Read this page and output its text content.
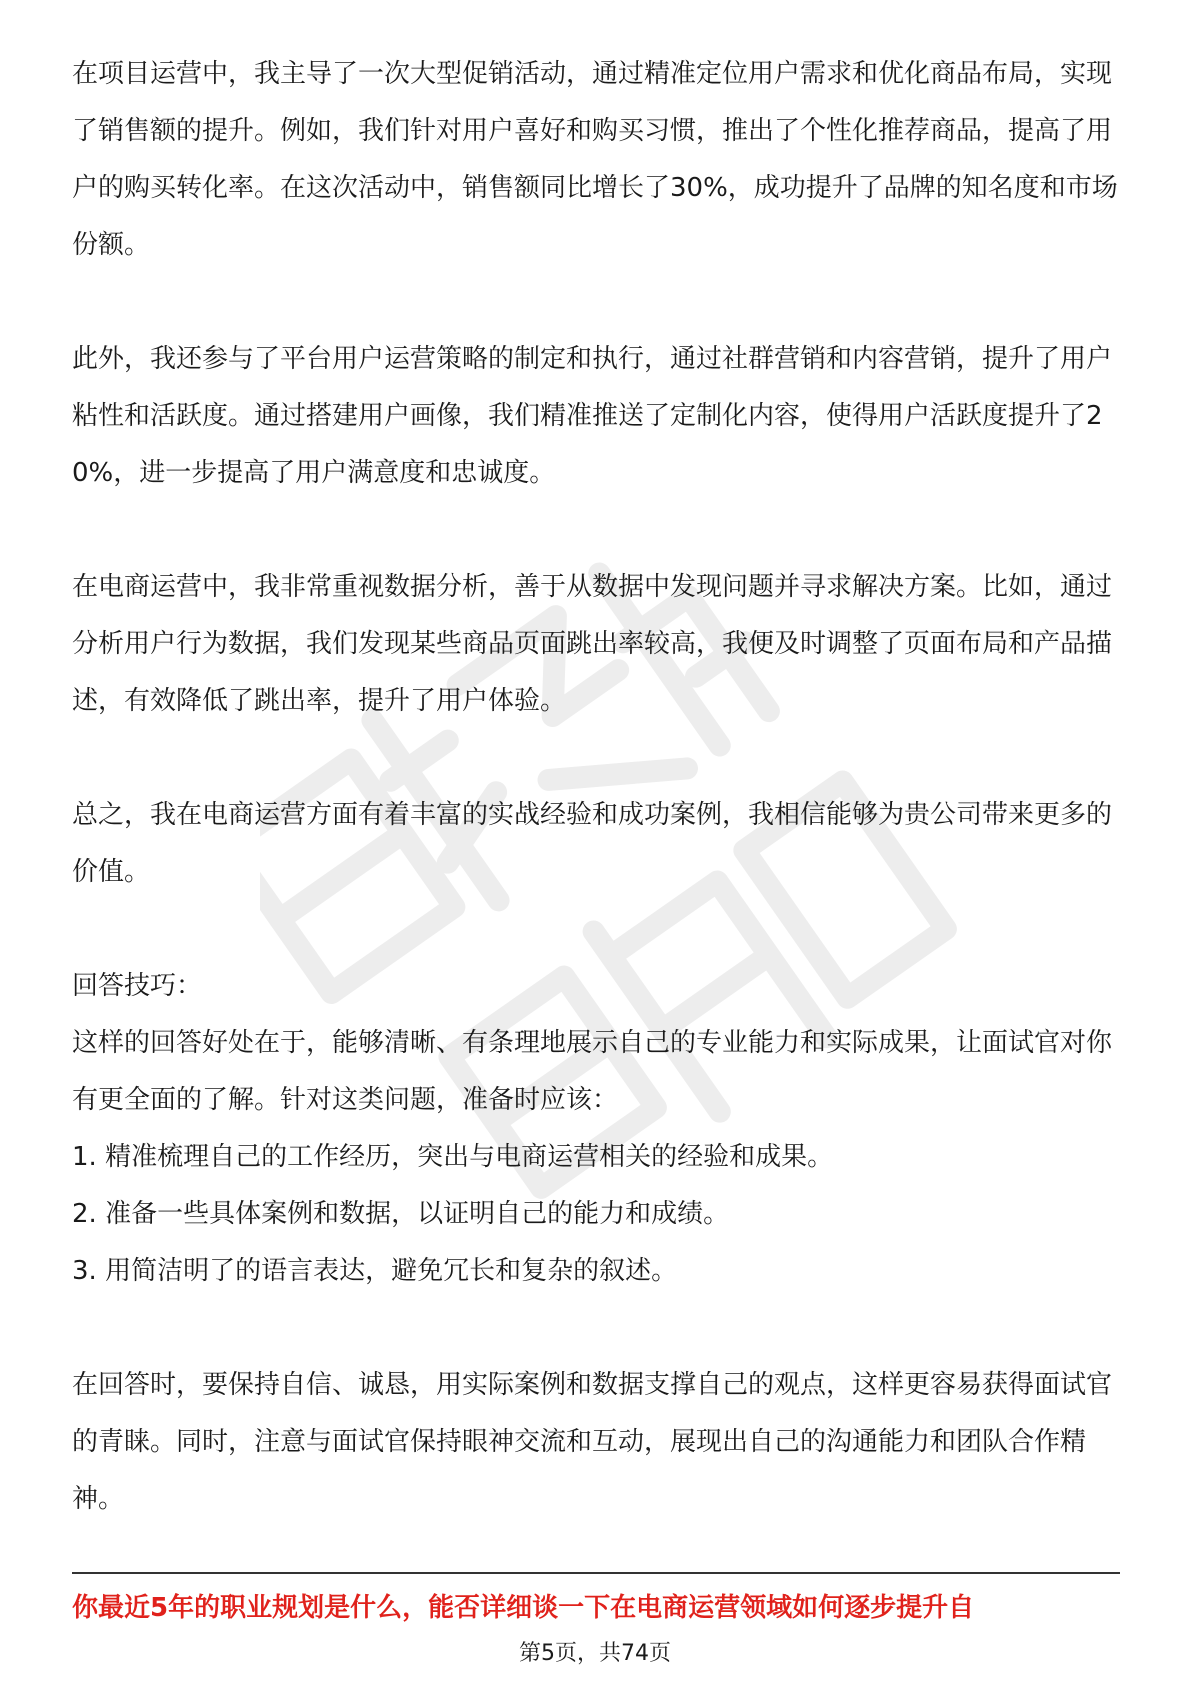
在项目运营中，我主导了一次大型促销活动，通过精准定位用户需求和优化商品布局，实现了销售额的提升。例如，我们针对用户喜好和购买习惯，推出了个性化推荐商品，提高了用户的购买转化率。在这次活动中，销售额同比增长了30%，成功提升了品牌的知名度和市场份额。

此外，我还参与了平台用户运营策略的制定和执行，通过社群营销和内容营销，提升了用户粘性和活跃度。通过搭建用户画像，我们精准推送了定制化内容，使得用户活跃度提升了20%，进一步提高了用户满意度和忠诚度。

在电商运营中，我非常重视数据分析，善于从数据中发现问题并寻求解决方案。比如，通过分析用户行为数据，我们发现某些商品页面跳出率较高，我便及时调整了页面布局和产品描述，有效降低了跳出率，提升了用户体验。

总之，我在电商运营方面有着丰富的实战经验和成功案例，我相信能够为贵公司带来更多的价值。

回答技巧：

这样的回答好处在于，能够清晰、有条理地展示自己的专业能力和实际成果，让面试官对你有更全面的了解。针对这类问题，准备时应该：

1. 精准梳理自己的工作经历，突出与电商运营相关的经验和成果。

2. 准备一些具体案例和数据，以证明自己的能力和成绩。

3. 用简洁明了的语言表达，避免冗长和复杂的叙述。

在回答时，要保持自信、诚恳，用实际案例和数据支撑自己的观点，这样更容易获得面试官的青睐。同时，注意与面试官保持眼神交流和互动，展现出自己的沟通能力和团队合作精神。

你最近5年的职业规划是什么，能否详细谈一下在电商运营领域如何逐步提升自
第5页，共74页
